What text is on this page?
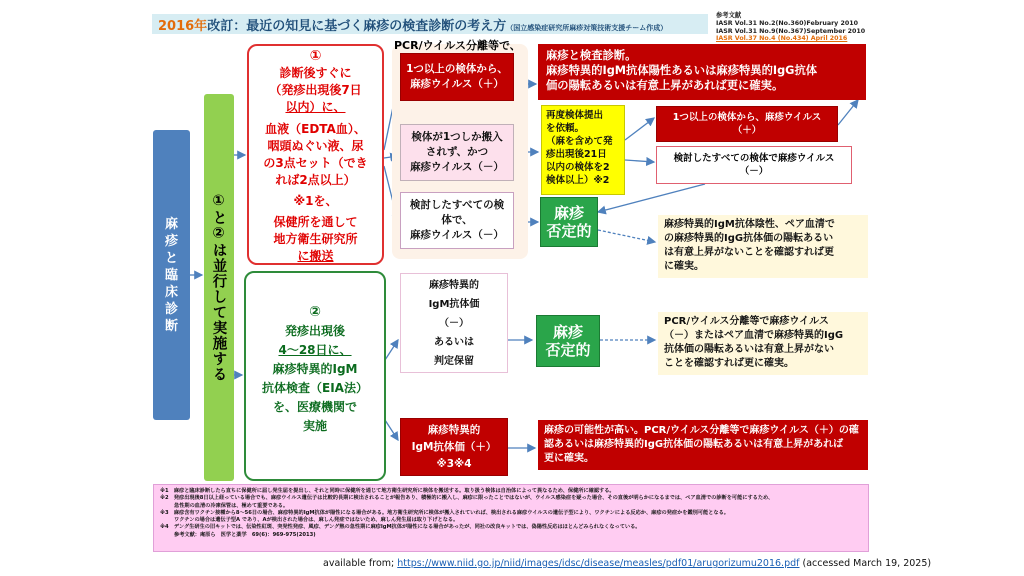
2016年改訂：最近の知見に基づく麻疹の検査診断の考え方（国立感染症研究所麻疹対策技術支援チーム作成）
参考文献
IASR Vol.31 No.2(No.360)February 2010
IASR Vol.31 No.9(No.367)September 2010
IASR Vol.37 No.4 (No.434) April 2016
麻疹と臨床診断 ①と②は並行して実施する
①
診断後すぐに
（発疹出現後7日
以内）に、
血液（EDTA血）、
咽頭ぬぐい液、尿
の3点セット（でき
れば2点以上）
※1を、
保健所を通して
地方衛生研究所
に搬送
②
発疹出現後
4～28日に、
麻疹特異的IgM
抗体検査（EIA法）
を、医療機関で
実施
PCR/ウイルス分離等で、
1つ以上の検体から、
麻疹ウイルス（＋）
検体が1つしか搬入
されず、かつ
麻疹ウイルス（－）
検討したすべての検
体で、
麻疹ウイルス（－）
麻疹と検査診断。
麻疹特異的IgM抗体陽性あるいは麻疹特異的IgG抗体
価の陽転あるいは有意上昇があれば更に確実。
再度検体提出
を依頼。
（麻を含めて発
疹出現後21日
以内の検体を2
検体以上）※2
1つ以上の検体から、麻疹ウイルス
（＋）
検討したすべての検体で麻疹ウイルス
（－）
麻疹
否定的	麻疹特異的IgM抗体陰性、ペア血清で
の麻疹特異的IgG抗体価の陽転あるい
は有意上昇がないことを確認すれば更
に確実。
麻疹特異的
IgM抗体価
（－）
あるいは
判定保留
麻疹
否定的
PCR/ウイルス分離等で麻疹ウイルス
（－）またはペア血清で麻疹特異的IgG
抗体価の陽転あるいは有意上昇がない
ことを確認すれば更に確実。
麻疹特異的
IgM抗体価（＋）
※3※4
麻疹の可能性が高い。PCR/ウイルス分離等で麻疹ウイルス（＋）の確
認あるいは麻疹特異的IgG抗体価の陽転あるいは有意上昇があれば
更に確実。
※1　麻疹と臨床診断したら直ちに保健所に届し発生届を提出し、それと同時に保健所を通じて地方衛生研究所に検体を搬送する。取り扱う検体は自治体によって異なるため、保健所に確認する。
※2　発疹出現後8日以上経っている場合でも、麻疹ウイルス遺伝子は比較的長期に検出されることが報告あり、積極的に搬入し、麻疹に限ったことではないが、ウイルス感染症を疑った場合、その直後が明らかになるまでは、ペア血清での診断を可能にするため、
急性期の血清の冷凍保管は、極めて重要である。
※3　麻疹含有ワクチン接種から8～56日の場合、麻疹特異的IgM抗体が陽性になる場合がある。地方衛生研究所に検体が搬入されていれば、検出される麻疹ウイルスの遺伝子型により、ワクチンによる反応か、麻疹の発症かを鑑別可能となる。
ワクチンの場合は遺伝子型A であり、Aが検出された場合は、麻しん発症ではないため、麻しん発生届は取り下げとなる。
※4　デング生研生の旧キットでは、伝染性紅斑、突発性発疹、風疹、デング熱の急性期に麻疹IgM抗体が陽性になる場合があったが、同社の改良キットでは、偽陽性反応はほとんどみられなくなっている。
参考文献：庵原ら　医学と薬学　69(6)：969-975(2013)
available from; https://www.niid.go.jp/niid/images/idsc/disease/measles/pdf01/arugorizumu2016.pdf (accessed March 19, 2025)
